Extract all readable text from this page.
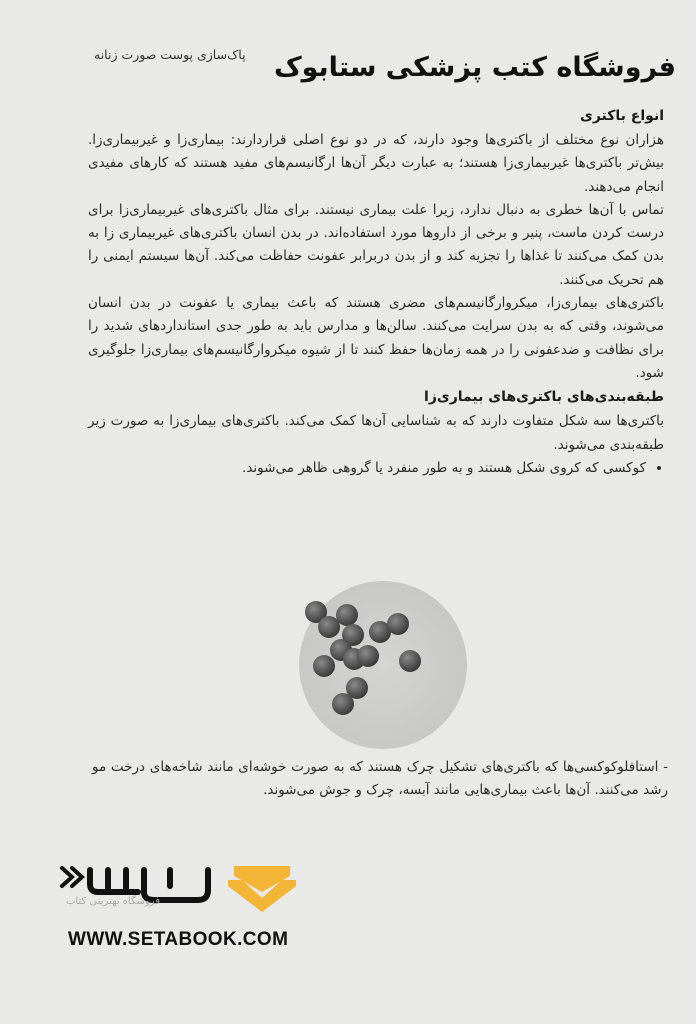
فروشگاه کتب پزشکی ستابوک
پاک‌سازی پوست صورت زنانه
انواع باکتری

هزاران نوع مختلف از باکتری‌ها وجود دارند، که در دو نوع اصلی قراردارند: بیماری‌زا و غیربیماری‌زا. بیش‌تر باکتری‌ها غیربیماری‌زا هستند؛ به عبارت دیگر آن‌ها ارگانیسم‌های مفید هستند که کارهای مفیدی انجام می‌دهند.

تماس با آن‌ها خطری به دنبال ندارد، زیرا علت بیماری نیستند. برای مثال باکتری‌های غیربیماری‌زا برای درست کردن ماست، پنیر و برخی از داروها مورد استفاده‌اند. در بدن انسان باکتری‌های غیربیماری زا به بدن کمک می‌کنند تا غذاها را تجزیه کند و از بدن دربرابر عفونت حفاظت می‌کند. آن‌ها سیستم ایمنی را هم تحریک می‌کنند.

باکتری‌های بیماری‌زا، میکروارگانیسم‌های مضری هستند که باعث بیماری یا عفونت در بدن انسان می‌شوند، وقتی که به بدن سرایت می‌کنند. سالن‌ها و مدارس باید به طور جدی استانداردهای شدید را برای نظافت و ضدعفونی را در همه زمان‌ها حفظ کنند تا از شیوه میکروارگانیسم‌های بیماری‌زا جلوگیری شود.

طبقه‌بندی‌های باکتری‌های بیماری‌زا

باکتری‌ها سه شکل متفاوت دارند که به شناسایی آن‌ها کمک می‌کند. باکتری‌های بیماری‌زا به صورت زیر طبقه‌بندی می‌شوند.

• کوکسی که کروی شکل هستند و به طور منفرد یا گروهی ظاهر می‌شوند.

- استافلوکوکسی‌ها که باکتری‌های تشکیل چرک هستند که به صورت خوشه‌ای مانند شاخه‌های درخت مو رشد می‌کنند. آن‌ها باعث بیماری‌هایی مانند آبسه، چرک و جوش می‌شوند.

فروشگاه بهترینی کتاب
WWW.SETABOOK.COM
